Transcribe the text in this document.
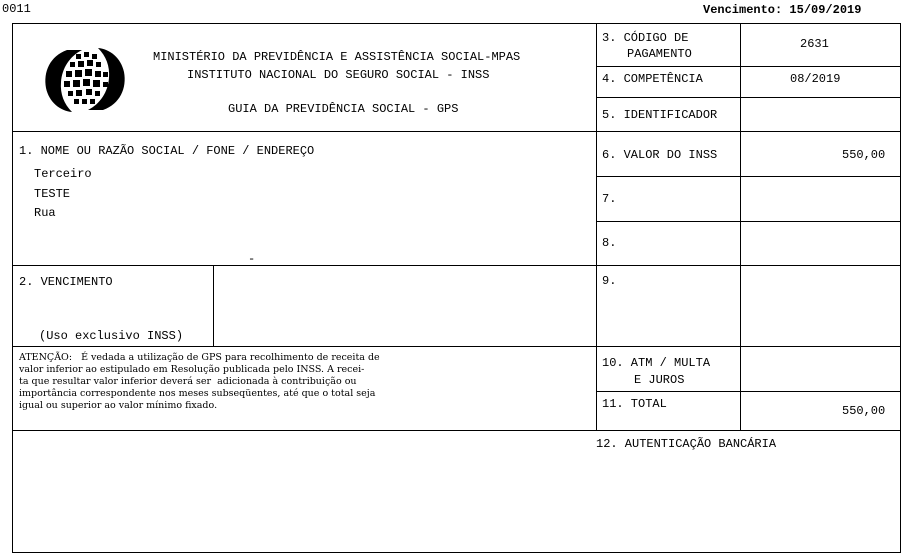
0011	Vencimento: 15/09/2019
MINISTÉRIO DA PREVIDÊNCIA E ASSISTÊNCIA SOCIAL-MPAS
INSTITUTO NACIONAL DO SEGURO SOCIAL - INSS
GUIA DA PREVIDÊNCIA SOCIAL - GPS
3. CÓDIGO DE
PAGAMENTO
2631
4. COMPETÊNCIA	08/2019
5. IDENTIFICADOR
6. VALOR DO INSS	550,00
7.
8.
9.
10. ATM / MULTA
E JUROS
11. TOTAL	550,00
12. AUTENTICAÇÃO BANCÁRIA
1. NOME OU RAZÃO SOCIAL / FONE / ENDEREÇO
Terceiro
TESTE
Rua
-
2. VENCIMENTO
(Uso exclusivo INSS)
ATENÇÃO:   É vedada a utilização de GPS para recolhimento de receita de
valor inferior ao estipulado em Resolução publicada pelo INSS. A recei-
ta que resultar valor inferior deverá ser  adicionada à contribuição ou
importância correspondente nos meses subseqüentes, até que o total seja
igual ou superior ao valor mínimo fixado.
